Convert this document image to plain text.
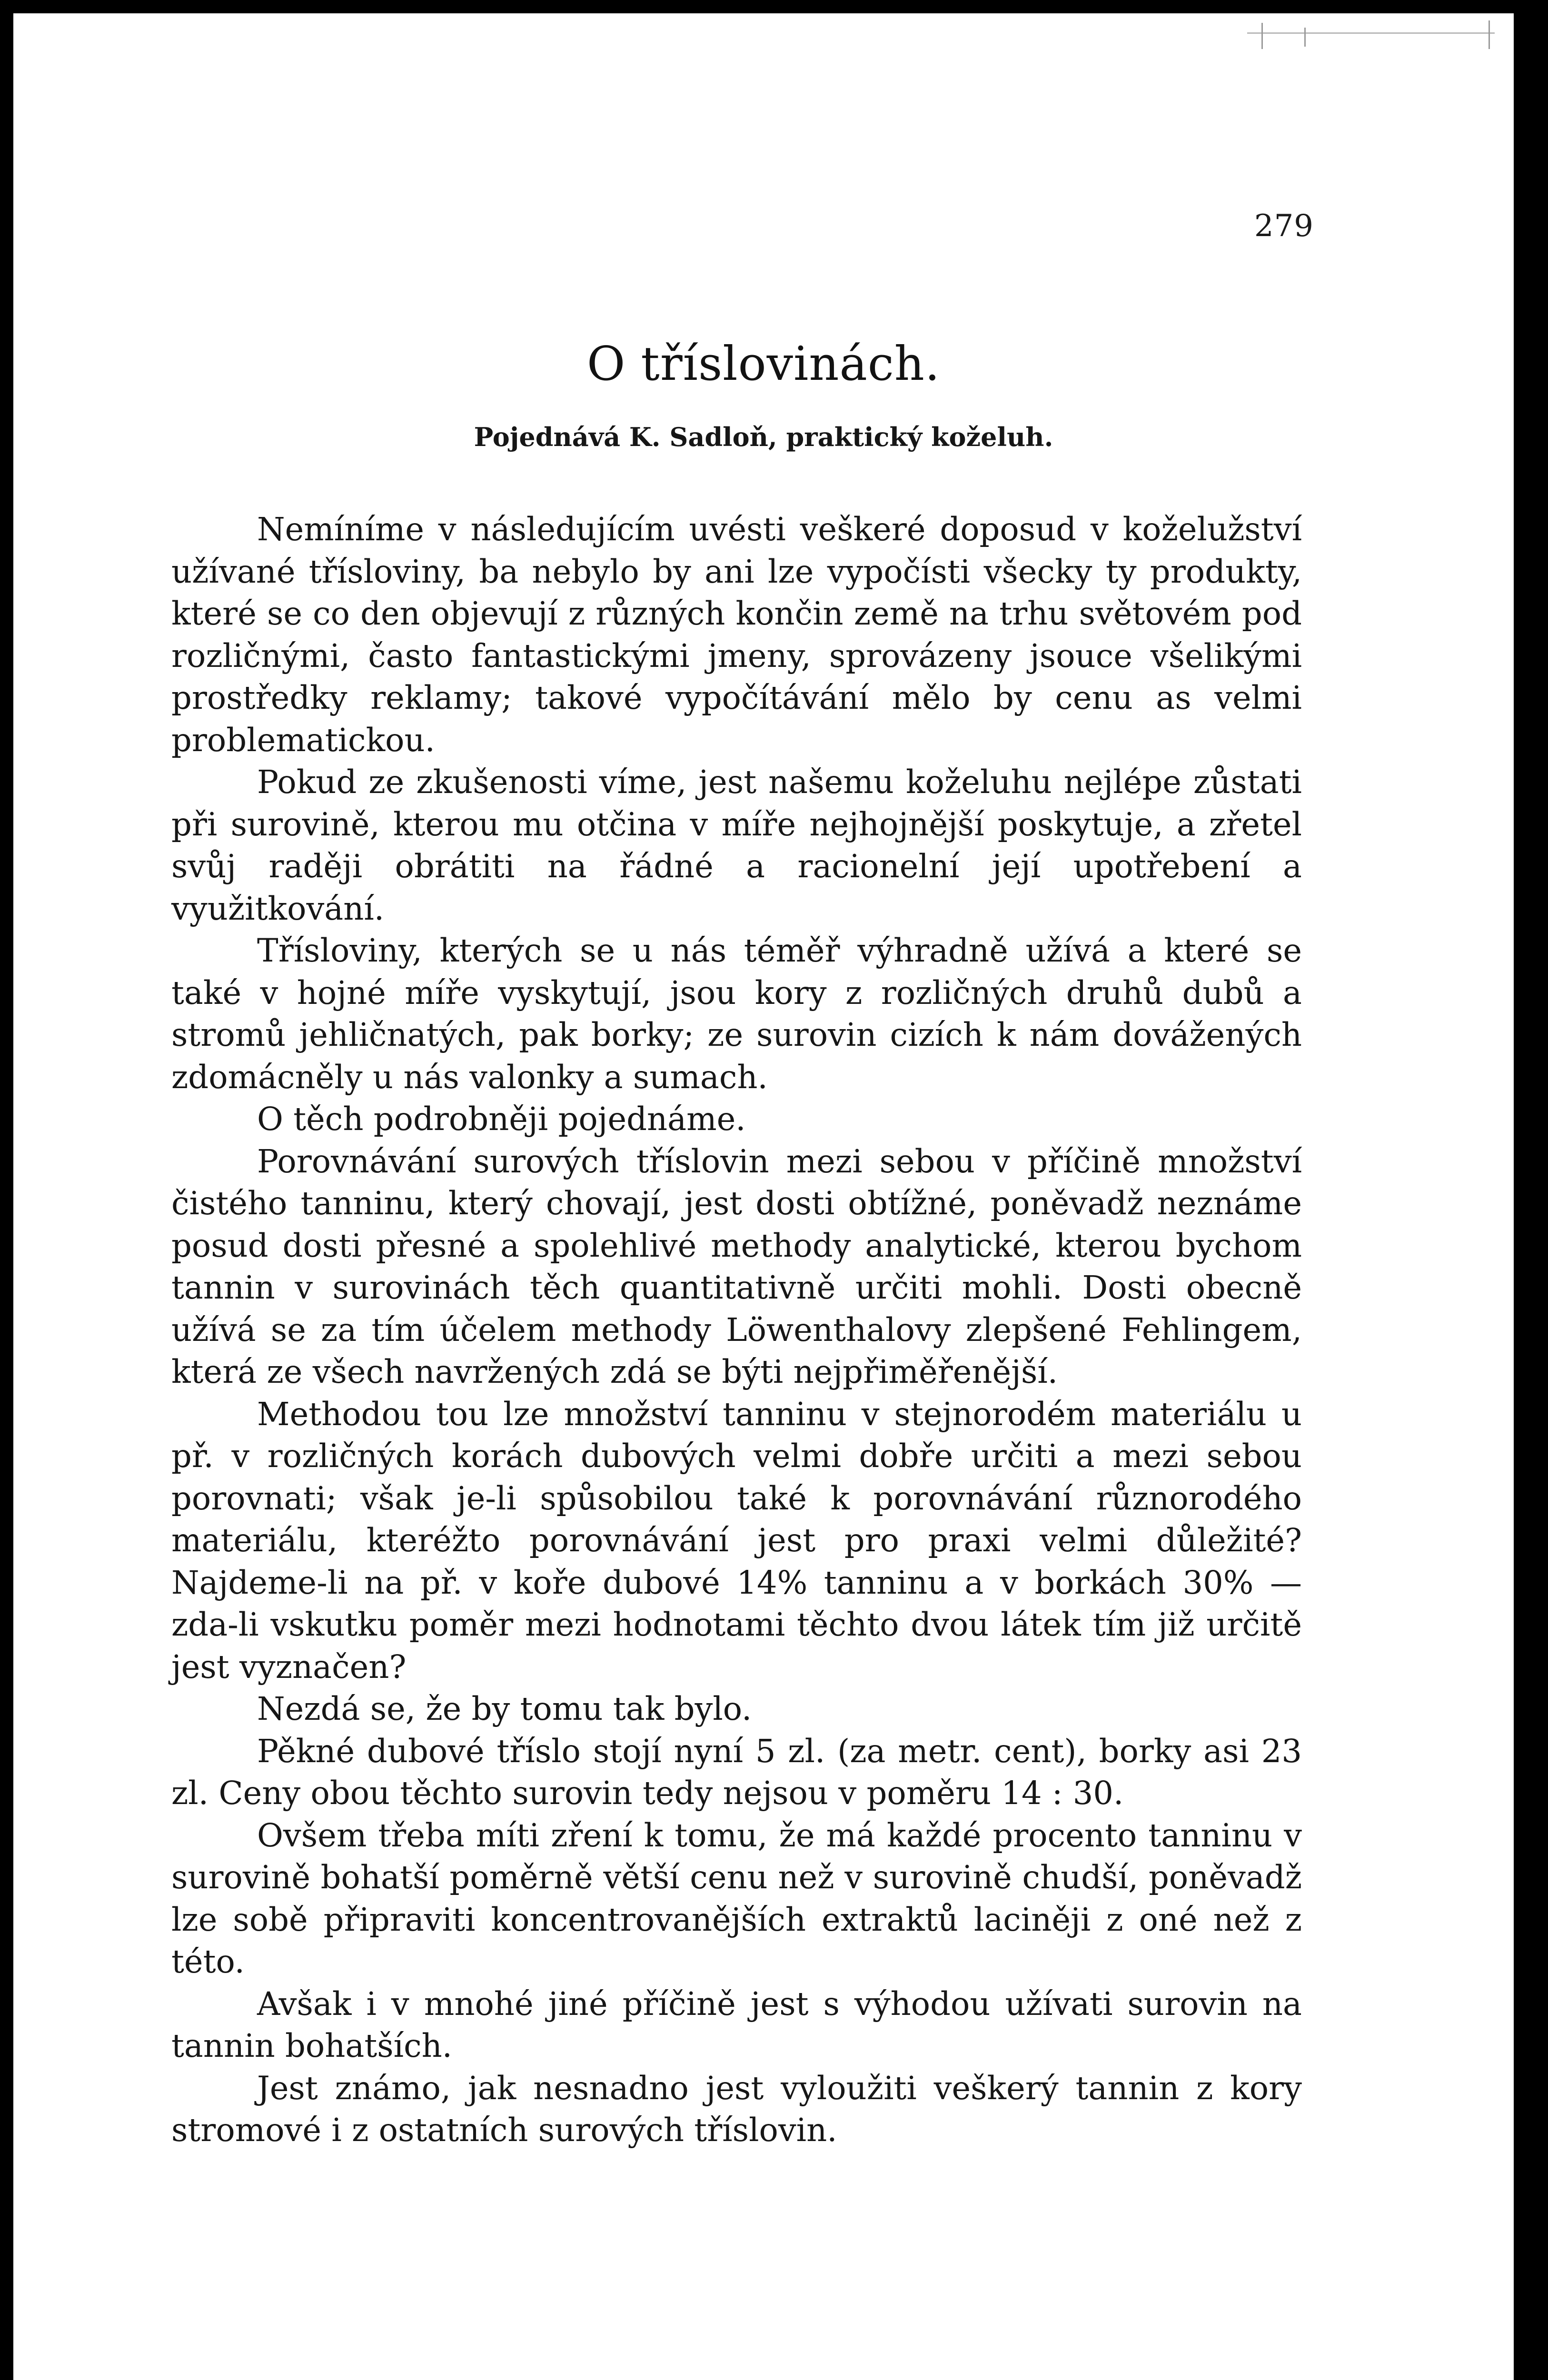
279
O tříslovinách.
Pojednává K. Sadloň, praktický koželuh.

Nemíníme v následujícím uvésti veškeré doposud v koželužství užívané třísloviny, ba nebylo by ani lze vypočísti všecky ty produkty, které se co den objevují z různých končin země na trhu světovém pod rozličnými, často fantastickými jmeny, sprovázeny jsouce všelikými prostředky reklamy; takové vypočítávání mělo by cenu as velmi problematickou.

Pokud ze zkušenosti víme, jest našemu koželuhu nejlépe zůstati při surovině, kterou mu otčina v míře nejhojnější poskytuje, a zřetel svůj raději obrátiti na řádné a racionelní její upotřebení a využitkování.

Třísloviny, kterých se u nás téměř výhradně užívá a které se také v hojné míře vyskytují, jsou kory z rozličných druhů dubů a stromů jehličnatých, pak borky; ze surovin cizích k nám dovážených zdomácněly u nás valonky a sumach.

O těch podrobněji pojednáme.

Porovnávání surových tříslovin mezi sebou v příčině množství čistého tanninu, který chovají, jest dosti obtížné, poněvadž neznáme posud dosti přesné a spolehlivé methody analytické, kterou bychom tannin v surovinách těch quantitativně určiti mohli. Dosti obecně užívá se za tím účelem methody Löwenthalovy zlepšené Fehlingem, která ze všech navržených zdá se býti nejpřiměřenější.

Methodou tou lze množství tanninu v stejnorodém materiálu u př. v rozličných korách dubových velmi dobře určiti a mezi sebou porovnati; však je-li spůsobilou také k porovnávání různorodého materiálu, kteréžto porovnávání jest pro praxi velmi důležité? Najdeme-li na př. v koře dubové 14% tanninu a v borkách 30% — zda-li vskutku poměr mezi hodnotami těchto dvou látek tím již určitě jest vyznačen?

Nezdá se, že by tomu tak bylo.

Pěkné dubové tříslo stojí nyní 5 zl. (za metr. cent), borky asi 23 zl. Ceny obou těchto surovin tedy nejsou v poměru 14 : 30.

Ovšem třeba míti zření k tomu, že má každé procento tanninu v surovině bohatší poměrně větší cenu než v surovině chudší, poněvadž lze sobě připraviti koncentrovanějších extraktů laciněji z oné než z této.

Avšak i v mnohé jiné příčině jest s výhodou užívati surovin na tannin bohatších.

Jest známo, jak nesnadno jest vyloužiti veškerý tannin z kory stromové i z ostatních surových tříslovin.
